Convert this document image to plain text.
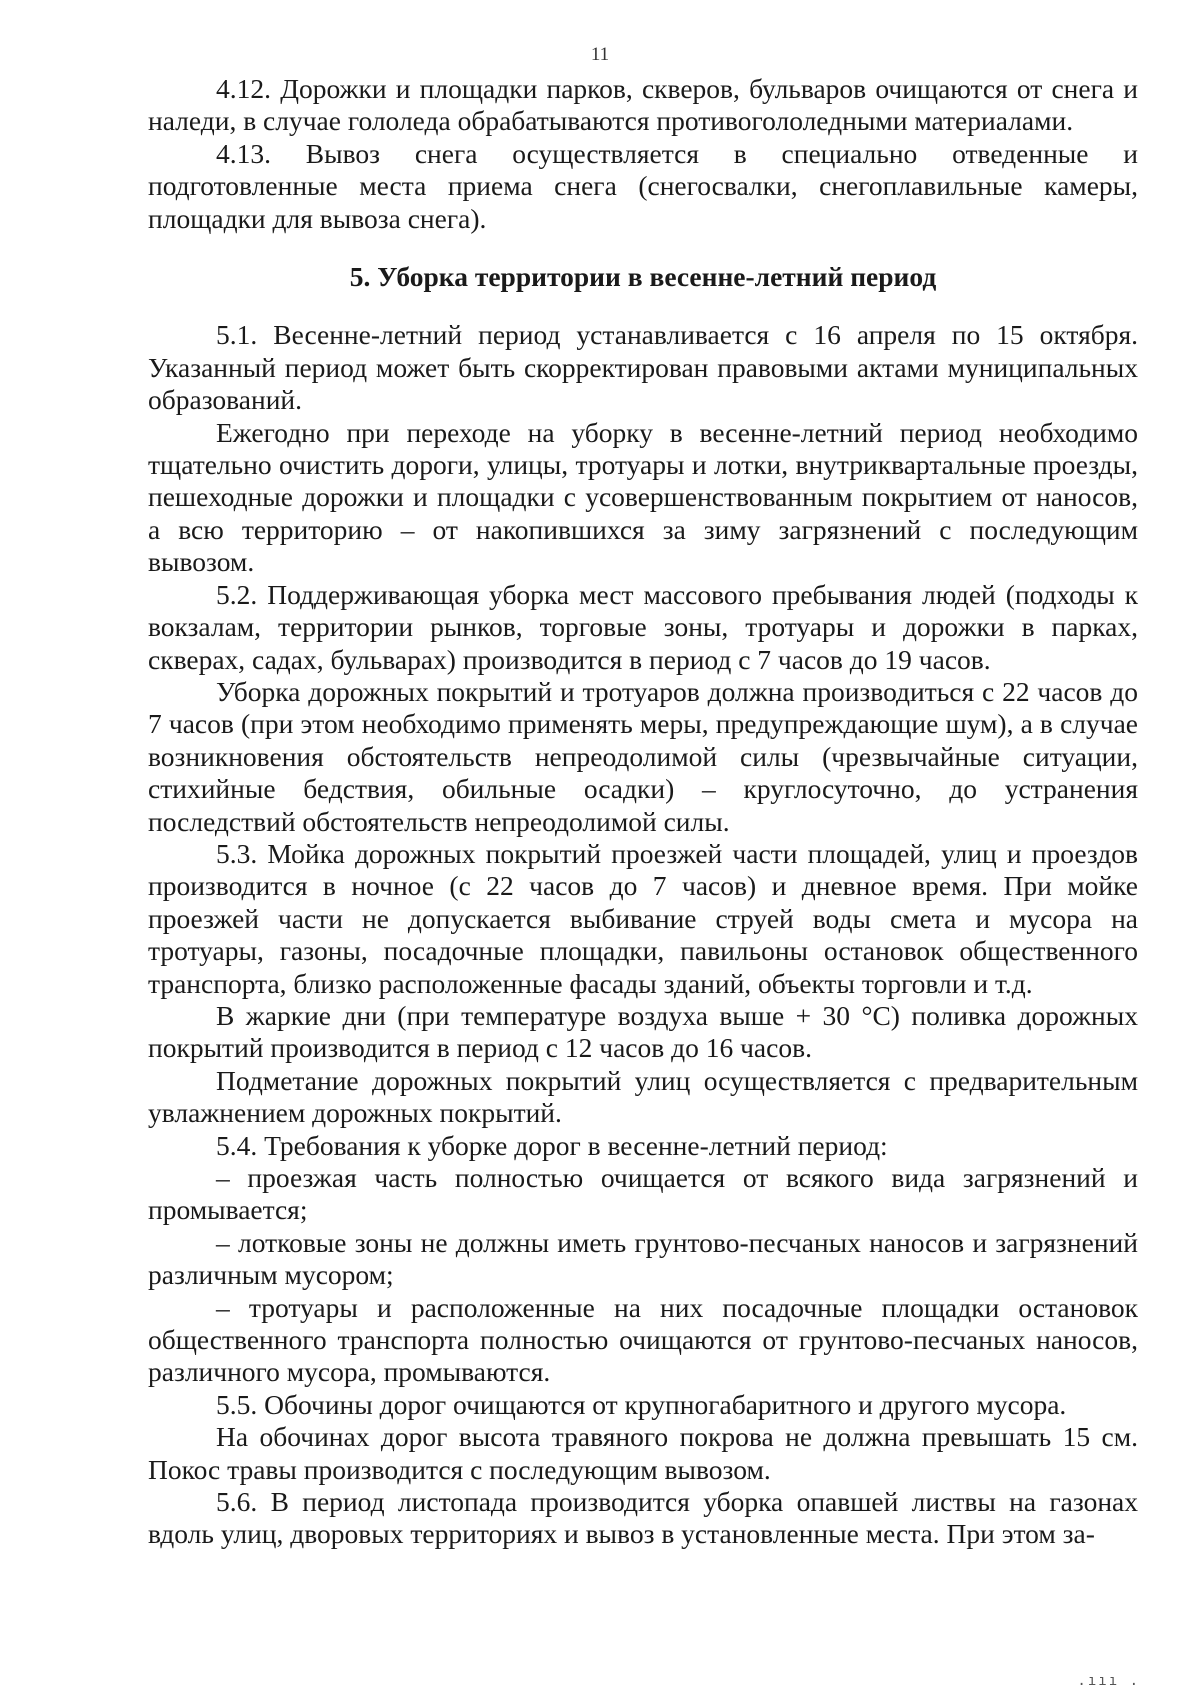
11

4.12. Дорожки и площадки парков, скверов, бульваров очищаются от снега и наледи, в случае гололеда обрабатываются противогололедными материалами.

4.13. Вывоз снега осуществляется в специально отведенные и подготовленные места приема снега (снегосвалки, снегоплавильные камеры, площадки для вывоза снега).

5. Уборка территории в весенне-летний период

5.1. Весенне-летний период устанавливается с 16 апреля по 15 октября. Указанный период может быть скорректирован правовыми актами муниципальных образований.

Ежегодно при переходе на уборку в весенне-летний период необходимо тщательно очистить дороги, улицы, тротуары и лотки, внутриквартальные проезды, пешеходные дорожки и площадки с усовершенствованным покрытием от наносов, а всю территорию – от накопившихся за зиму загрязнений с последующим вывозом.

5.2. Поддерживающая уборка мест массового пребывания людей (подходы к вокзалам, территории рынков, торговые зоны, тротуары и дорожки в парках, скверах, садах, бульварах) производится в период с 7 часов до 19 часов.

Уборка дорожных покрытий и тротуаров должна производиться с 22 часов до 7 часов (при этом необходимо применять меры, предупреждающие шум), а в случае возникновения обстоятельств непреодолимой силы (чрезвычайные ситуации, стихийные бедствия, обильные осадки) – круглосуточно, до устранения последствий обстоятельств непреодолимой силы.

5.3. Мойка дорожных покрытий проезжей части площадей, улиц и проездов производится в ночное (с 22 часов до 7 часов) и дневное время. При мойке проезжей части не допускается выбивание струей воды смета и мусора на тротуары, газоны, посадочные площадки, павильоны остановок общественного транспорта, близко расположенные фасады зданий, объекты торговли и т.д.

В жаркие дни (при температуре воздуха выше + 30 °С) поливка дорожных покрытий производится в период с 12 часов до 16 часов.

Подметание дорожных покрытий улиц осуществляется с предварительным увлажнением дорожных покрытий.

5.4. Требования к уборке дорог в весенне-летний период:

– проезжая часть полностью очищается от всякого вида загрязнений и промывается;

– лотковые зоны не должны иметь грунтово-песчаных наносов и загрязнений различным мусором;

– тротуары и расположенные на них посадочные площадки остановок общественного транспорта полностью очищаются от грунтово-песчаных наносов, различного мусора, промываются.

5.5. Обочины дорог очищаются от крупногабаритного и другого мусора.

На обочинах дорог высота травяного покрова не должна превышать 15 см. Покос травы производится с последующим вывозом.

5.6. В период листопада производится уборка опавшей листвы на газонах вдоль улиц, дворовых территориях и вывоз в установленные места. При этом за-

.ııı .
